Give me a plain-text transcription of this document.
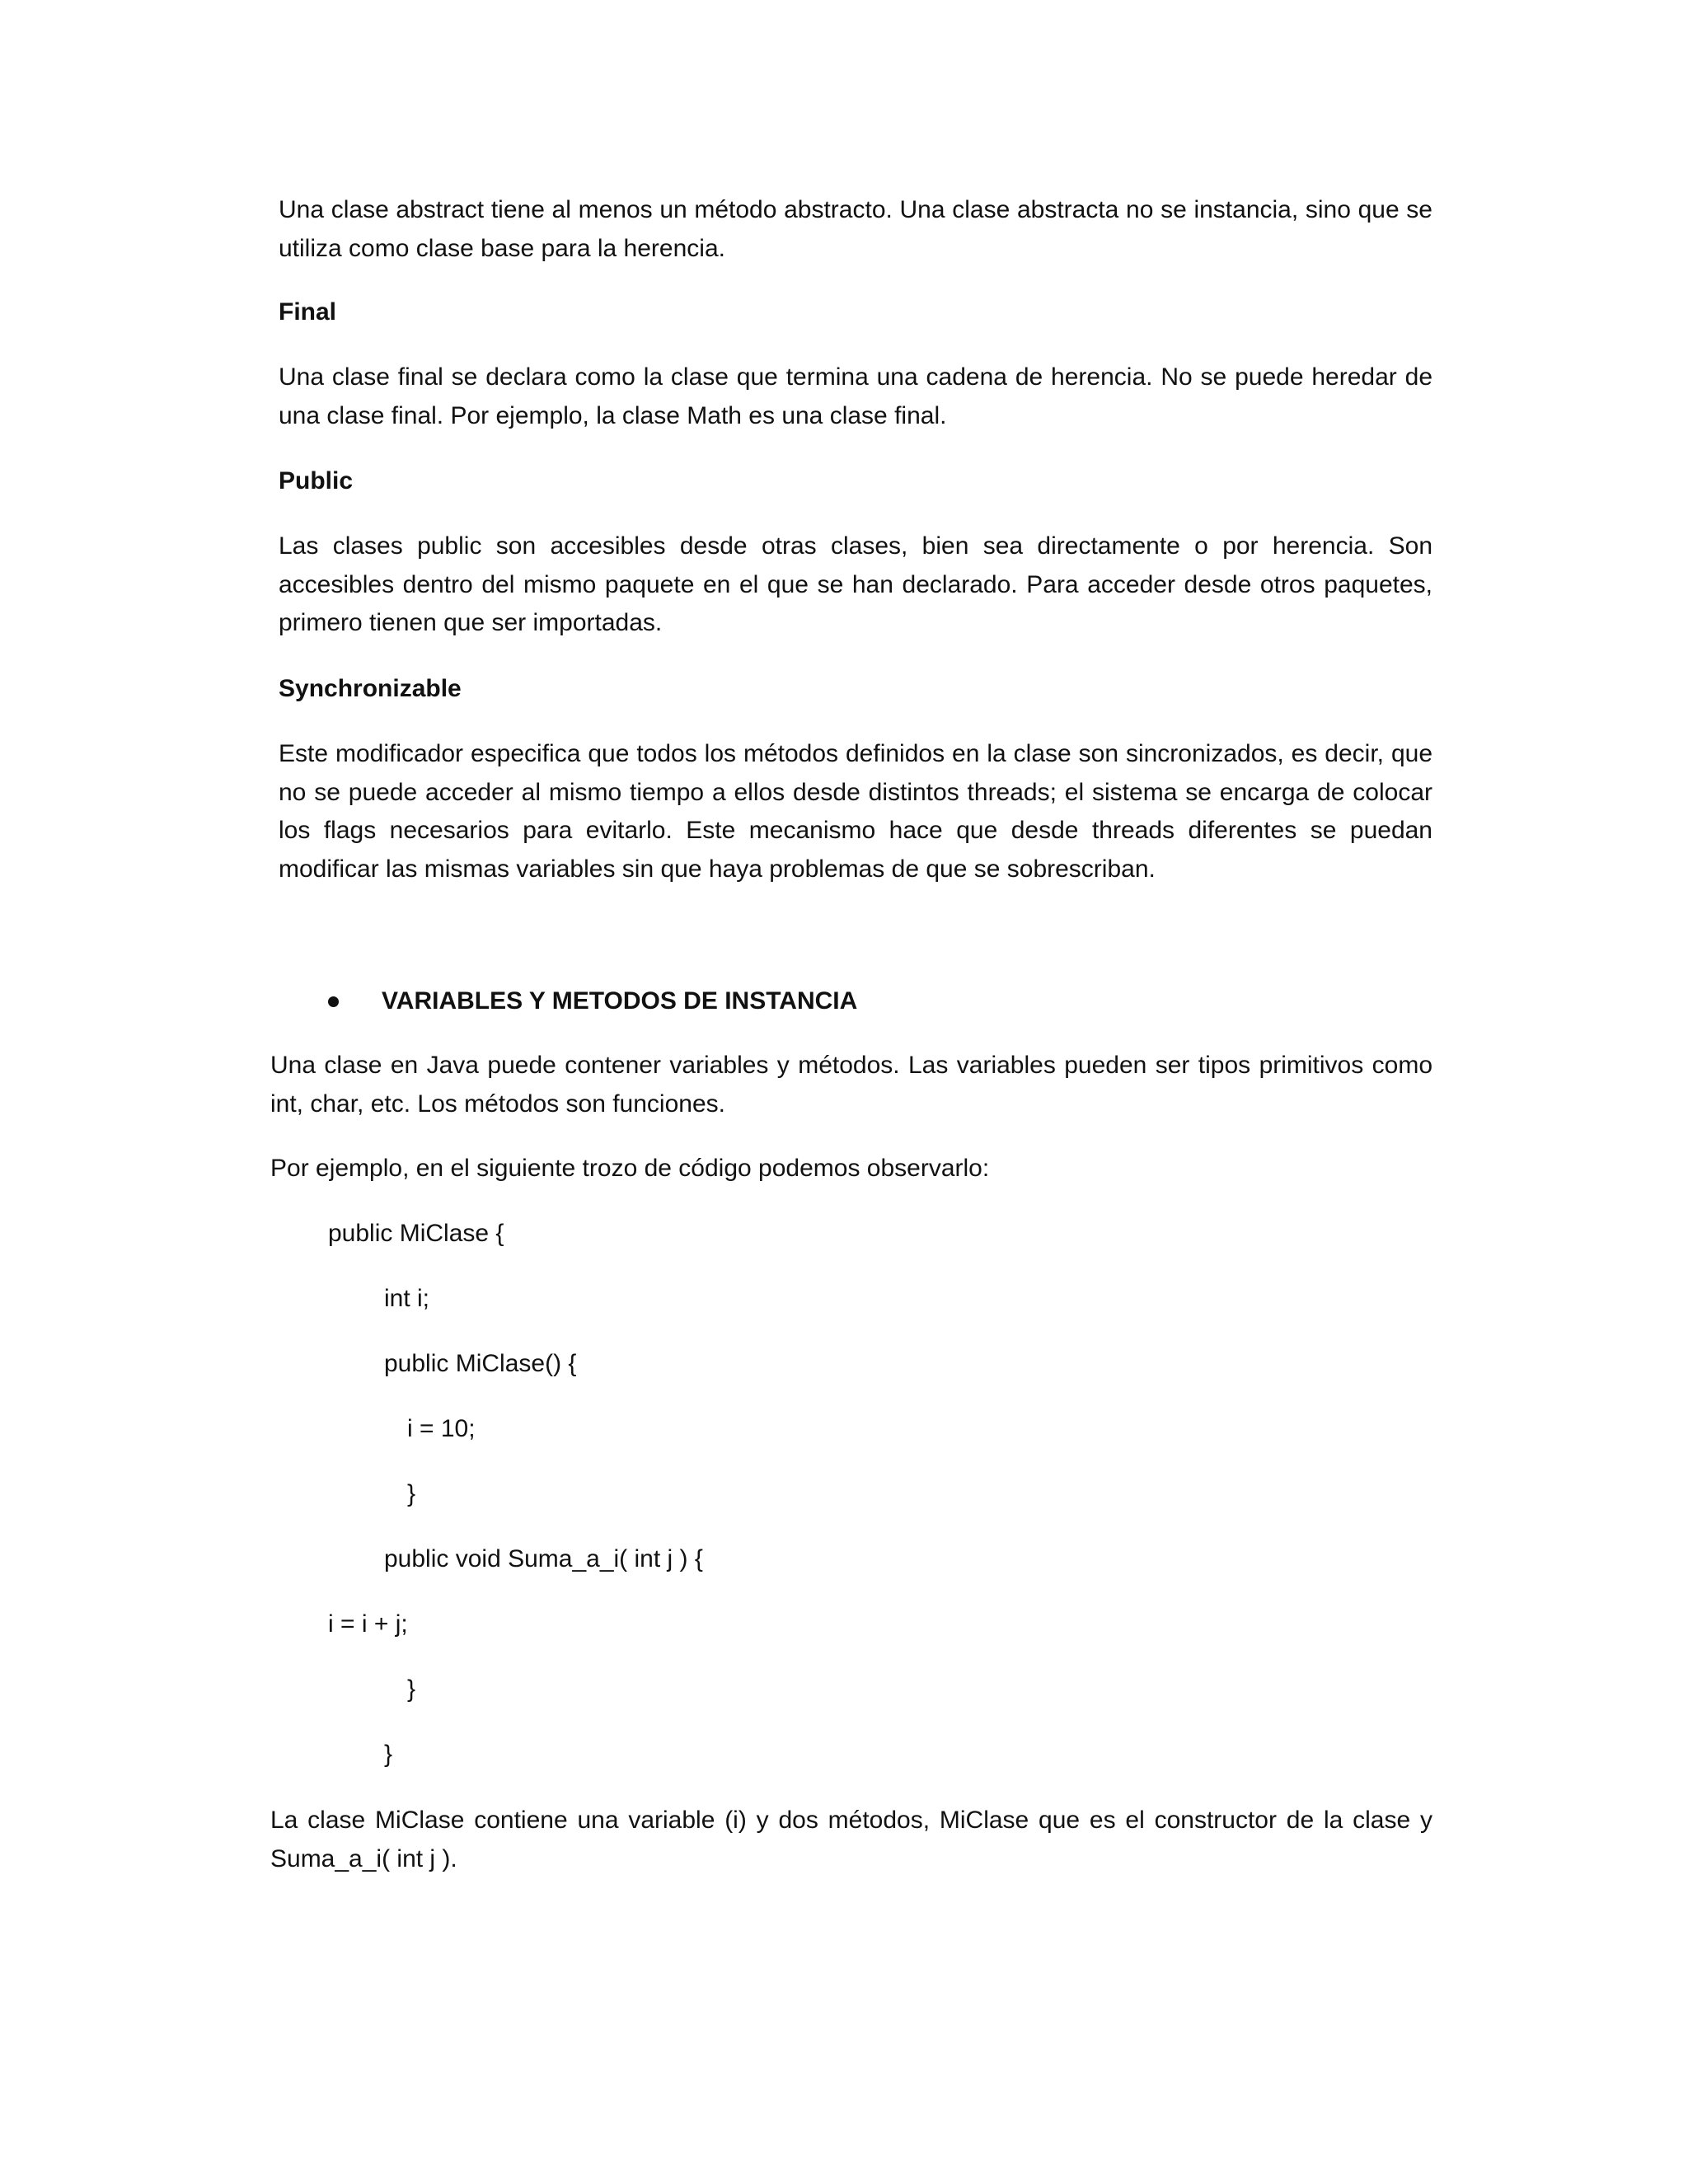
Una clase abstract tiene al menos un método abstracto. Una clase abstracta no se instancia, sino que se utiliza como clase base para la herencia.

Final

Una clase final se declara como la clase que termina una cadena de herencia. No se puede heredar de una clase final. Por ejemplo, la clase Math es una clase final.

Public

Las clases public son accesibles desde otras clases, bien sea directamente o por herencia. Son accesibles dentro del mismo paquete en el que se han declarado. Para acceder desde otros paquetes, primero tienen que ser importadas.

Synchronizable

Este modificador especifica que todos los métodos definidos en la clase son sincronizados, es decir, que no se puede acceder al mismo tiempo a ellos desde distintos threads; el sistema se encarga de colocar los flags necesarios para evitarlo. Este mecanismo hace que desde threads diferentes se puedan modificar las mismas variables sin que haya problemas de que se sobrescriban.

VARIABLES Y METODOS DE INSTANCIA

Una clase en Java puede contener variables y métodos. Las variables pueden ser tipos primitivos como int, char, etc. Los métodos son funciones.

Por ejemplo, en el siguiente trozo de código podemos observarlo:

public MiClase {
int i;
public MiClase() {
i = 10;
}
public void Suma_a_i( int j ) {
i = i + j;
}
}

La clase MiClase contiene una variable (i) y dos métodos, MiClase que es el constructor de la clase y Suma_a_i( int j ).
